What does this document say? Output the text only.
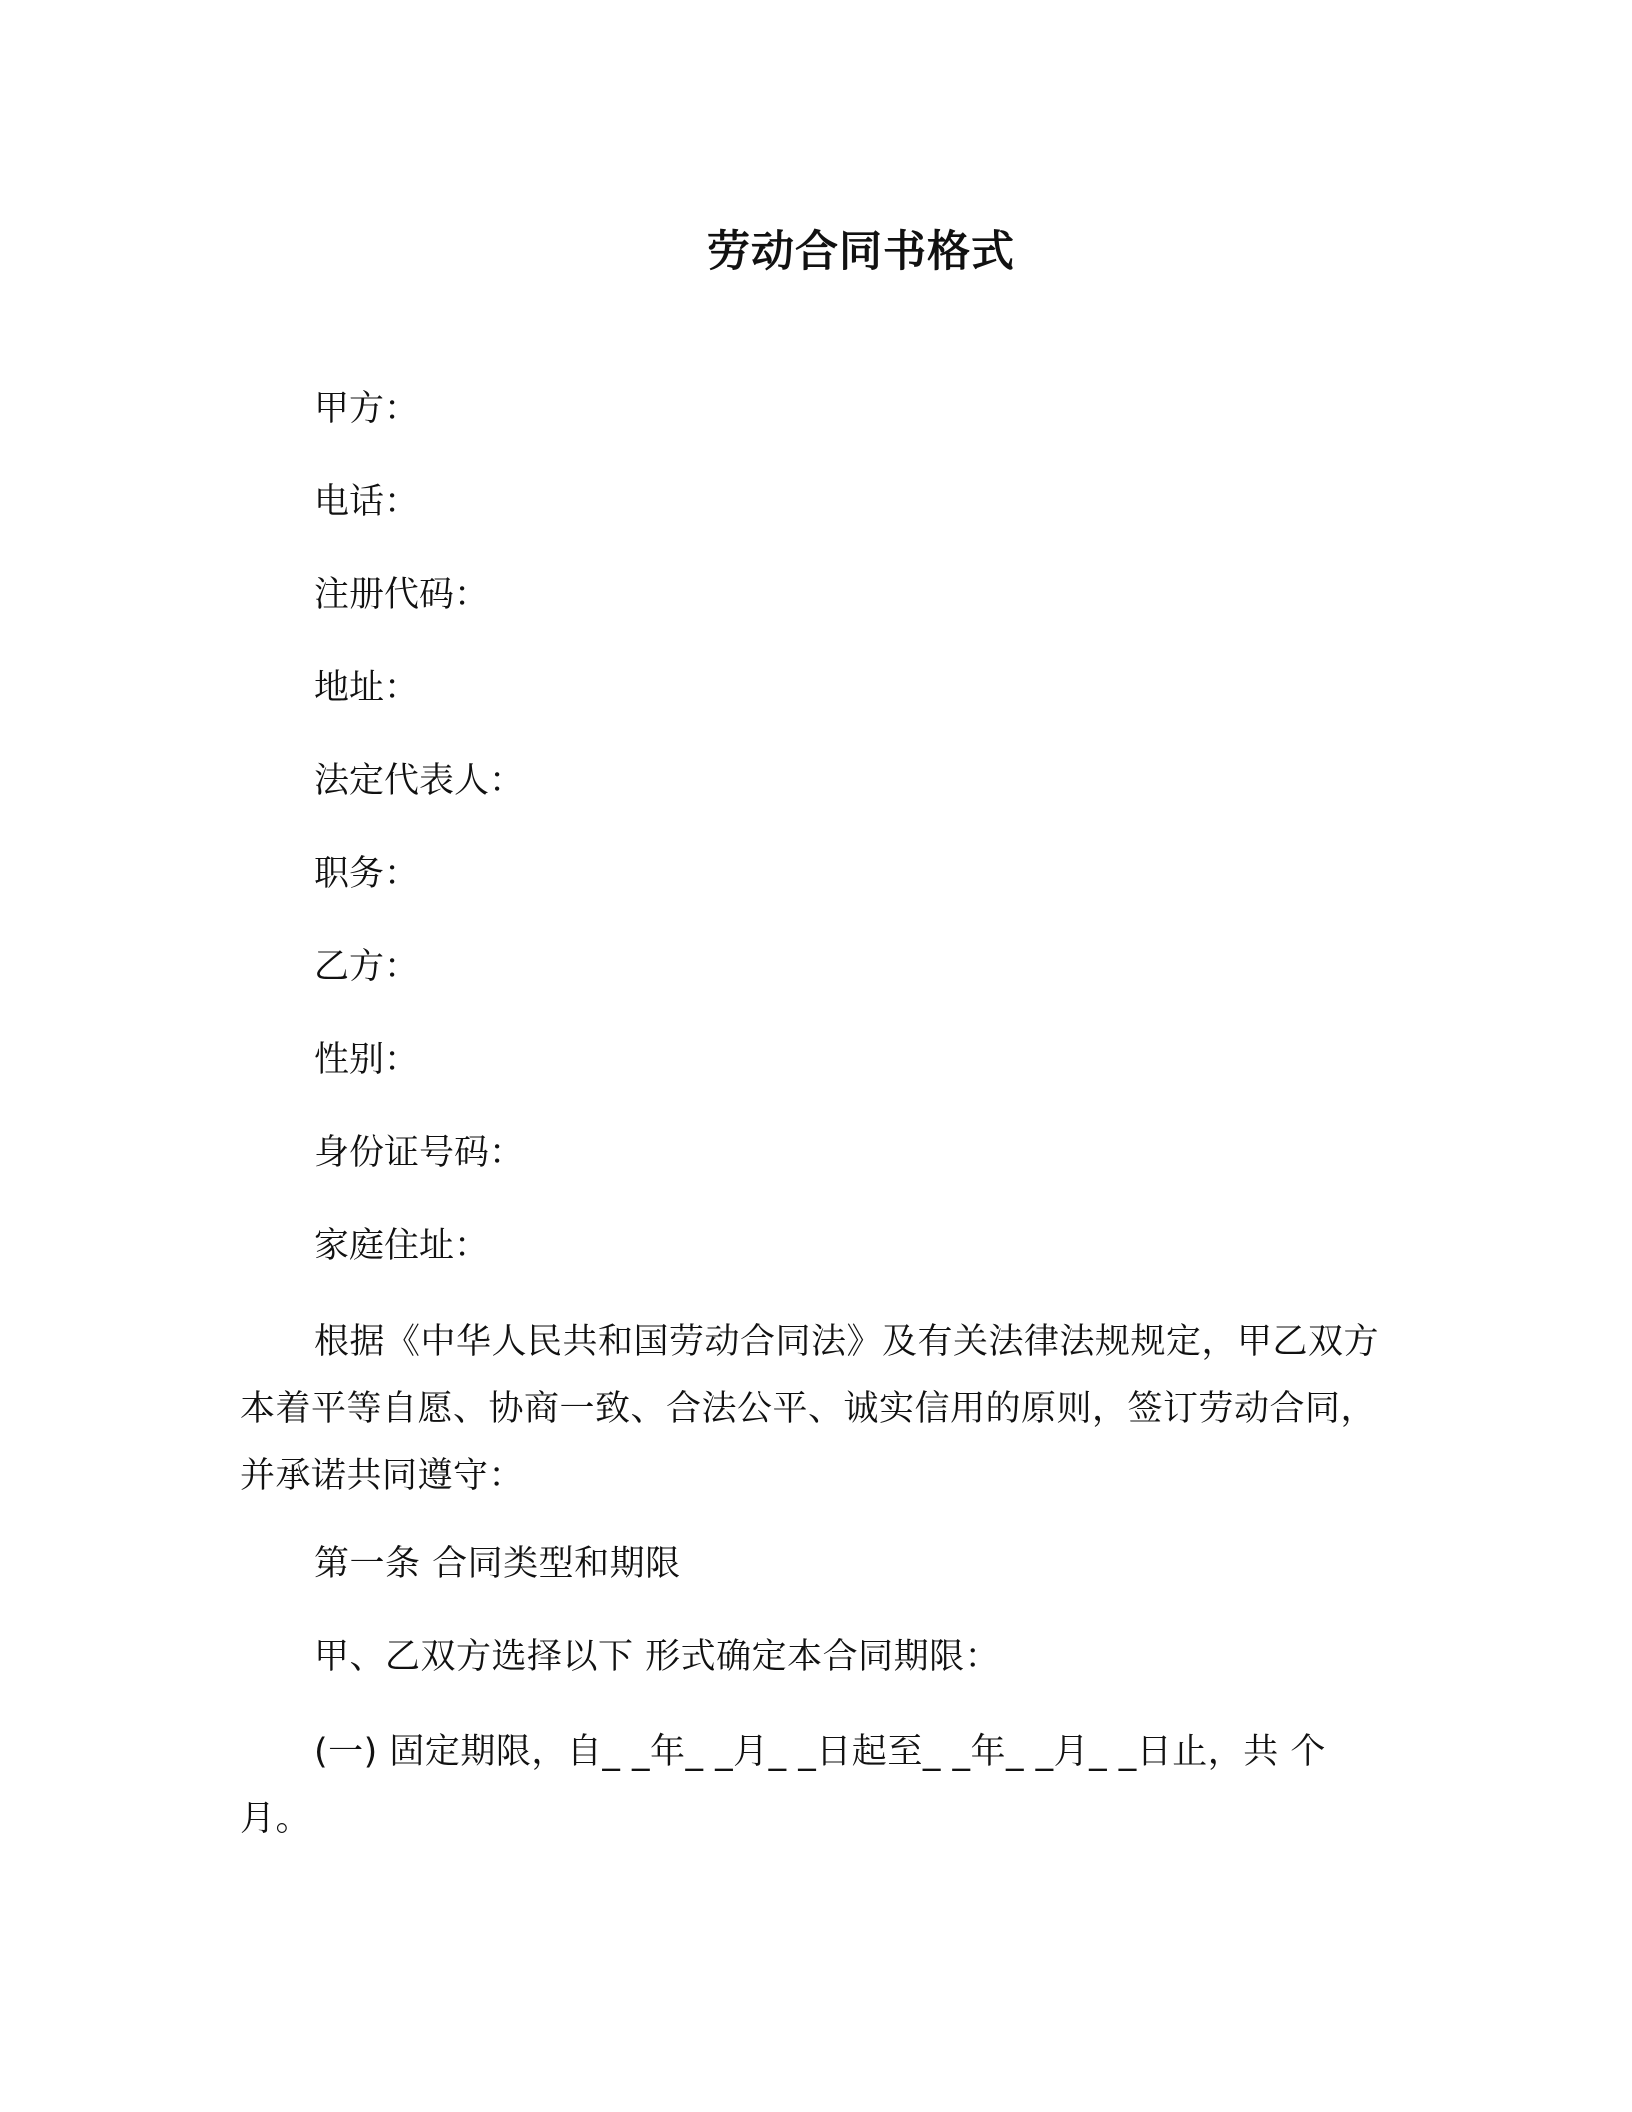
劳动合同书格式
甲方：
电话：
注册代码：
地址：
法定代表人：
职务：
乙方：
性别：
身份证号码：
家庭住址：
根据《中华人民共和国劳动合同法》及有关法律法规规定，甲乙双方本着平等自愿、协商一致、合法公平、诚实信用的原则，签订劳动合同，并承诺共同遵守：
第一条 合同类型和期限
甲、乙双方选择以下 形式确定本合同期限：
(一) 固定期限，自_ _年_ _月_ _日起至_ _年_ _月_ _日止，共 个月。
